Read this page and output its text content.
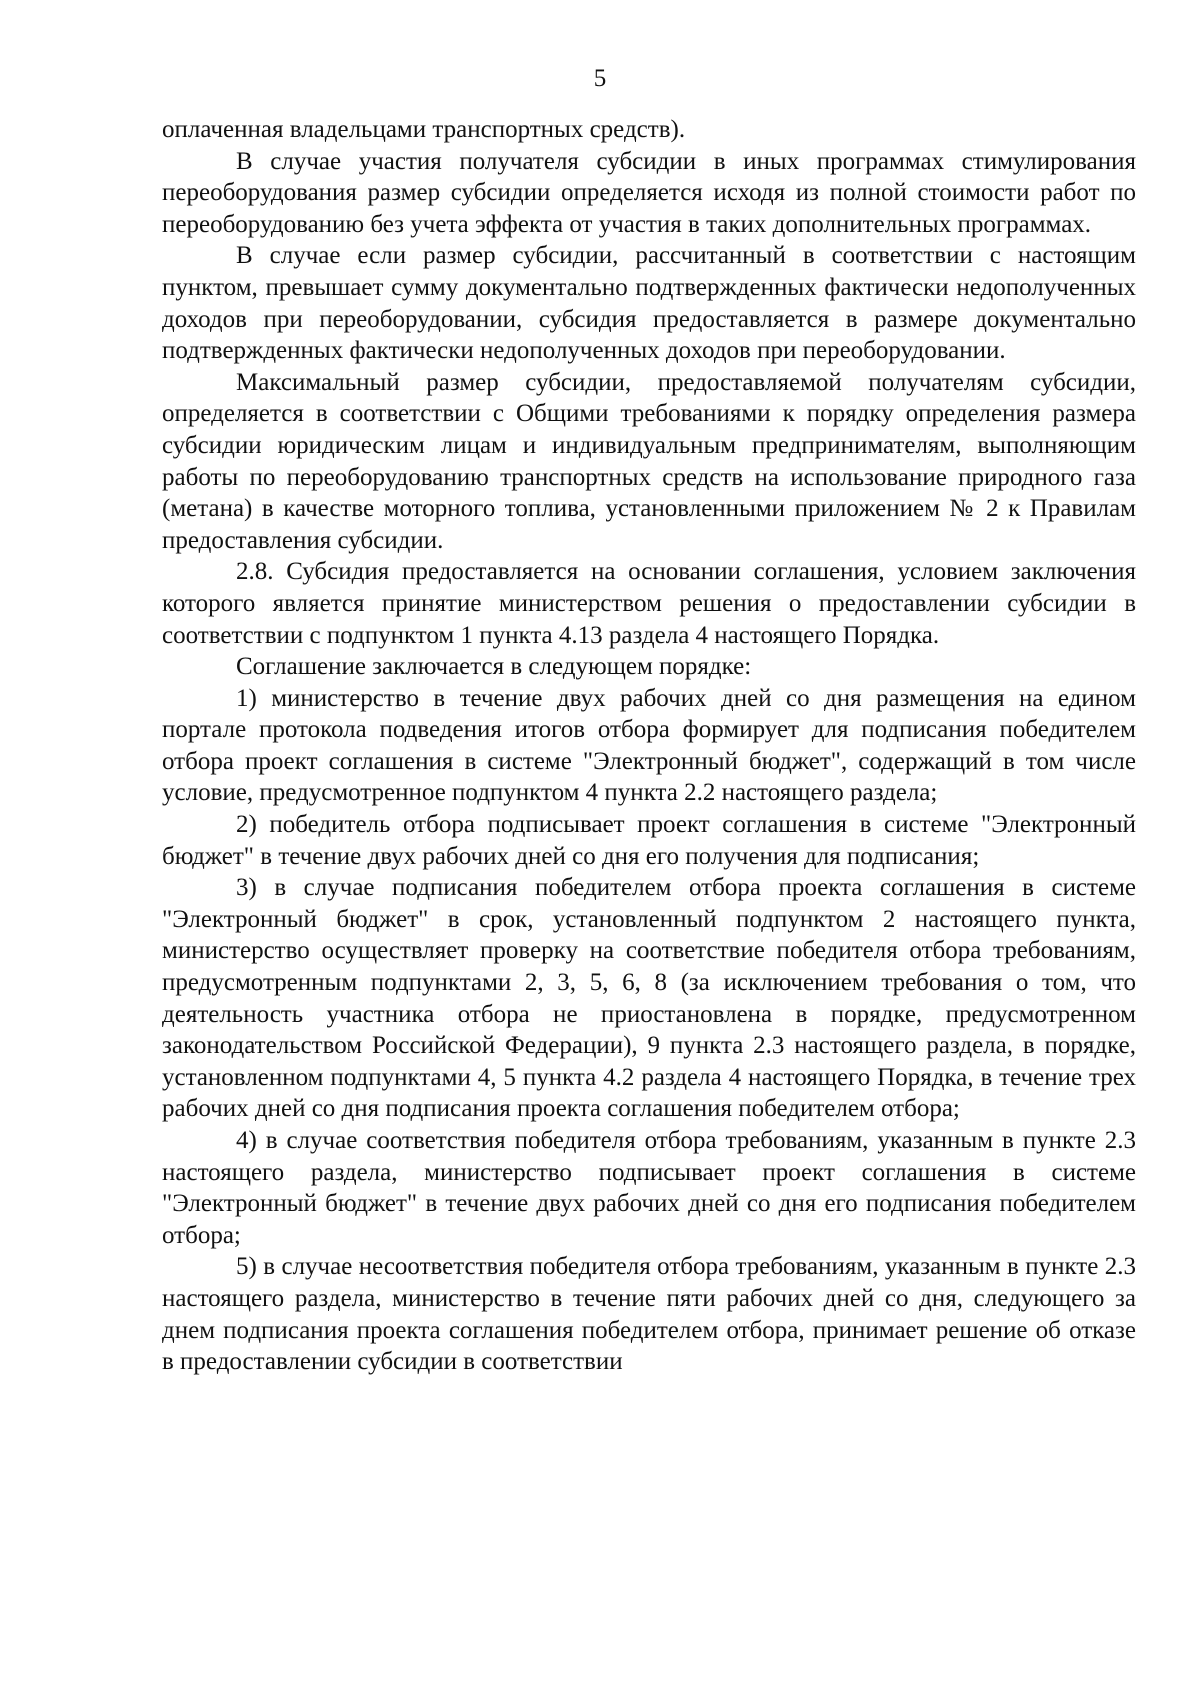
5

оплаченная владельцами транспортных средств).

В случае участия получателя субсидии в иных программах стимулирования переоборудования размер субсидии определяется исходя из полной стоимости работ по переоборудованию без учета эффекта от участия в таких дополнительных программах.

В случае если размер субсидии, рассчитанный в соответствии с настоящим пунктом, превышает сумму документально подтвержденных фактически недополученных доходов при переоборудовании, субсидия предоставляется в размере документально подтвержденных фактически недополученных доходов при переоборудовании.

Максимальный размер субсидии, предоставляемой получателям субсидии, определяется в соответствии с Общими требованиями к порядку определения размера субсидии юридическим лицам и индивидуальным предпринимателям, выполняющим работы по переоборудованию транспортных средств на использование природного газа (метана) в качестве моторного топлива, установленными приложением № 2 к Правилам предоставления субсидии.

2.8. Субсидия предоставляется на основании соглашения, условием заключения которого является принятие министерством решения о предоставлении субсидии в соответствии с подпунктом 1 пункта 4.13 раздела 4 настоящего Порядка.

Соглашение заключается в следующем порядке:

1) министерство в течение двух рабочих дней со дня размещения на едином портале протокола подведения итогов отбора формирует для подписания победителем отбора проект соглашения в системе "Электронный бюджет", содержащий в том числе условие, предусмотренное подпунктом 4 пункта 2.2 настоящего раздела;

2) победитель отбора подписывает проект соглашения в системе "Электронный бюджет" в течение двух рабочих дней со дня его получения для подписания;

3) в случае подписания победителем отбора проекта соглашения в системе "Электронный бюджет" в срок, установленный подпунктом 2 настоящего пункта, министерство осуществляет проверку на соответствие победителя отбора требованиям, предусмотренным подпунктами 2, 3, 5, 6, 8 (за исключением требования о том, что деятельность участника отбора не приостановлена в порядке, предусмотренном законодательством Российской Федерации), 9 пункта 2.3 настоящего раздела, в порядке, установленном подпунктами 4, 5 пункта 4.2 раздела 4 настоящего Порядка, в течение трех рабочих дней со дня подписания проекта соглашения победителем отбора;

4) в случае соответствия победителя отбора требованиям, указанным в пункте 2.3 настоящего раздела, министерство подписывает проект соглашения в системе "Электронный бюджет" в течение двух рабочих дней со дня его подписания победителем отбора;

5) в случае несоответствия победителя отбора требованиям, указанным в пункте 2.3 настоящего раздела, министерство в течение пяти рабочих дней со дня, следующего за днем подписания проекта соглашения победителем отбора, принимает решение об отказе в предоставлении субсидии в соответствии
